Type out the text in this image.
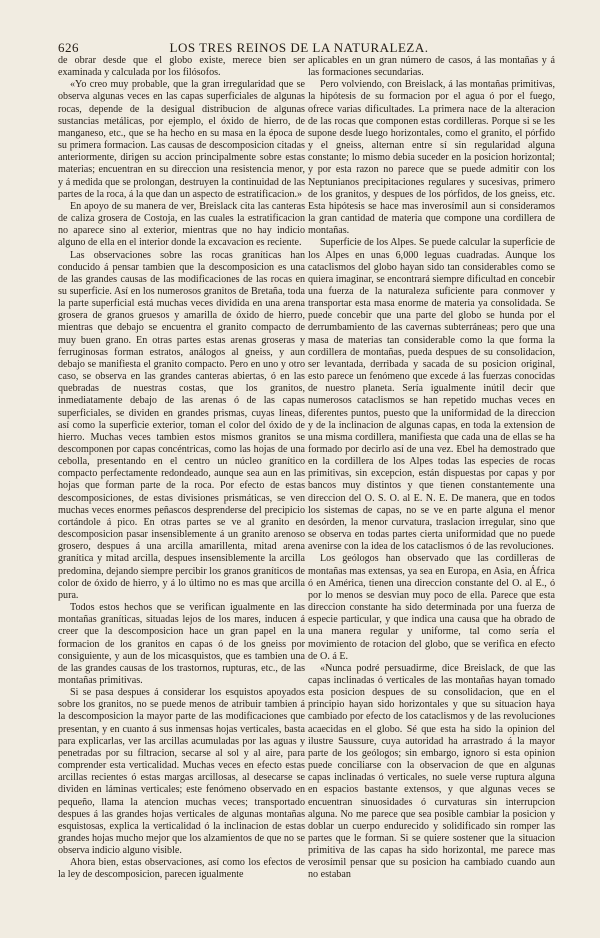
626	LOS TRES REINOS DE LA NATURALEZA.

de obrar desde que el globo existe, merece bien ser examinada y calculada por los filósofos.

«Yo creo muy probable, que la gran irregularidad que se observa algunas veces en las capas superficiales de algunas rocas, depende de la desigual distribucion de algunas sustancias metálicas, por ejemplo, el óxido de hierro, de manganeso, etc., que se ha hecho en su masa en la época de su primera formacion. Las causas de descomposicion citadas anteriormente, dirigen su accion principalmente sobre estas materias; encuentran en su direccion una resistencia menor, y á medida que se prolongan, destruyen la continuidad de las partes de la roca, á la que dan un aspecto de estratificacion.»

En apoyo de su manera de ver, Breislack cita las canteras de caliza grosera de Costoja, en las cuales la estratificacion no aparece sino al exterior, mientras que no hay indicio alguno de ella en el interior donde la excavacion es reciente.

Las observaciones sobre las rocas graníticas han conducido á pensar tambien que la descomposicion es una de las grandes causas de las modificaciones de las rocas en su superficie. Así en los numerosos granitos de Bretaña, toda la parte superficial está muchas veces dividida en una arena grosera de granos gruesos y amarilla de óxido de hierro, mientras que debajo se encuentra el granito compacto de muy buen grano. En otras partes estas arenas groseras y ferruginosas forman estratos, análogos al gneiss, y aun debajo se manifiesta el granito compacto. Pero en uno y otro caso, se observa en las grandes canteras abiertas, ó en las quebradas de nuestras costas, que los granitos, inmediatamente debajo de las arenas ó de las capas superficiales, se dividen en grandes prismas, cuyas líneas, así como la superficie exterior, toman el color del óxido de hierro. Muchas veces tambien estos mismos granitos se descomponen por capas concéntricas, como las hojas de una cebolla, presentando en el centro un núcleo granítico compacto perfectamente redondeado, aunque sea aun en las hojas que forman parte de la roca. Por efecto de estas descomposiciones, de estas divisiones prismáticas, se ven muchas veces enormes peñascos desprenderse del precipicio cortándole á pico. En otras partes se ve al granito en descomposicion pasar insensiblemente á un granito arenoso grosero, despues á una arcilla amarillenta, mitad arena granítica y mitad arcilla, despues insensiblemente la arcilla predomina, dejando siempre percibir los granos graníticos de color de óxido de hierro, y á lo último no es mas que arcilla pura.

Todos estos hechos que se verifican igualmente en las montañas graníticas, situadas lejos de los mares, inducen á creer que la descomposicion hace un gran papel en la formacion de los granitos en capas ó de los gneiss por consiguiente, y aun de los micasquistos, que es tambien una de las grandes causas de los trastornos, rupturas, etc., de las montañas primitivas.

Si se pasa despues á considerar los esquistos apoyados sobre los granitos, no se puede menos de atribuir tambien á la descomposicion la mayor parte de las modificaciones que presentan, y en cuanto á sus inmensas hojas verticales, basta para explicarlas, ver las arcillas acumuladas por las aguas y penetradas por su filtracion, secarse al sol y al aire, para comprender esta verticalidad. Muchas veces en efecto estas arcillas recientes ó estas margas arcillosas, al desecarse se dividen en láminas verticales; este fenómeno observado en pequeño, llama la atencion muchas veces; transportado despues á las grandes hojas verticales de algunas montañas esquistosas, explica la verticalidad ó la inclinacion de estas grandes hojas mucho mejor que los alzamientos de que no se observa indicio alguno visible.

Ahora bien, estas observaciones, así como los efectos de la ley de descomposicion, parecen igualmente

aplicables en un gran número de casos, á las montañas y á las formaciones secundarias.

Pero volviendo, con Breislack, á las montañas primitivas, la hipótesis de su formacion por el agua ó por el fuego, ofrece varias dificultades. La primera nace de la alteracion de las rocas que componen estas cordilleras. Porque si se les supone desde luego horizontales, como el granito, el pórfido y el gneiss, alternan entre sí sin regularidad alguna constante; lo mismo debia suceder en la posicion horizontal; y por esta razon no parece que se puede admitir con los Neptunianos precipitaciones regulares y sucesivas, primero de los granitos, y despues de los pórfidos, de los gneiss, etc. Esta hipótesis se hace mas inverosímil aun si consideramos la gran cantidad de materia que compone una cordillera de montañas.

Superficie de los Alpes. Se puede calcular la superficie de los Alpes en unas 6,000 leguas cuadradas. Aunque los cataclismos del globo hayan sido tan considerables como se quiera imaginar, se encontrará siempre dificultad en concebir una fuerza de la naturaleza suficiente para conmover y transportar esta masa enorme de materia ya consolidada. Se puede concebir que una parte del globo se hunda por el derrumbamiento de las cavernas subterráneas; pero que una masa de materias tan considerable como la que forma la cordillera de montañas, pueda despues de su consolidacion, ser levantada, derribada y sacada de su posicion original, esto parece un fenómeno que excede á las fuerzas conocidas de nuestro planeta. Sería igualmente inútil decir que numerosos cataclismos se han repetido muchas veces en diferentes puntos, puesto que la uniformidad de la direccion y de la inclinacion de algunas capas, en toda la extension de una misma cordillera, manifiesta que cada una de ellas se ha formado por decirlo así de una vez. Ebel ha demostrado que en la cordillera de los Alpes todas las especies de rocas primitivas, sin excepcion, están dispuestas por capas y por bancos muy distintos y que tienen constantemente una direccion del O. S. O. al E. N. E. De manera, que en todos los sistemas de capas, no se ve en parte alguna el menor desórden, la menor curvatura, traslacion irregular, sino que se observa en todas partes cierta uniformidad que no puede avenirse con la idea de los cataclismos ó de las revoluciones.

Los geólogos han observado que las cordilleras de montañas mas extensas, ya sea en Europa, en Asia, en África ó en América, tienen una direccion constante del O. al E., ó por lo menos se desvian muy poco de ella. Parece que esta direccion constante ha sido determinada por una fuerza de especie particular, y que indica una causa que ha obrado de una manera regular y uniforme, tal como sería el movimiento de rotacion del globo, que se verifica en efecto de O. á E.

«Nunca podré persuadirme, dice Breislack, de que las capas inclinadas ó verticales de las montañas hayan tomado esta posicion despues de su consolidacion, que en el principio hayan sido horizontales y que su situacion haya cambiado por efecto de los cataclismos y de las revoluciones acaecidas en el globo. Sé que esta ha sido la opinion del ilustre Saussure, cuya autoridad ha arrastrado á la mayor parte de los geólogos; sin embargo, ignoro si esta opinion puede conciliarse con la observacion de que en algunas capas inclinadas ó verticales, no suele verse ruptura alguna en espacios bastante extensos, y que algunas veces se encuentran sinuosidades ó curvaturas sin interrupcion alguna. No me parece que sea posible cambiar la posicion y doblar un cuerpo endurecido y solidificado sin romper las partes que le forman. Si se quiere sostener que la situacion primitiva de las capas ha sido horizontal, me parece mas verosímil pensar que su posicion ha cambiado cuando aun no estaban
